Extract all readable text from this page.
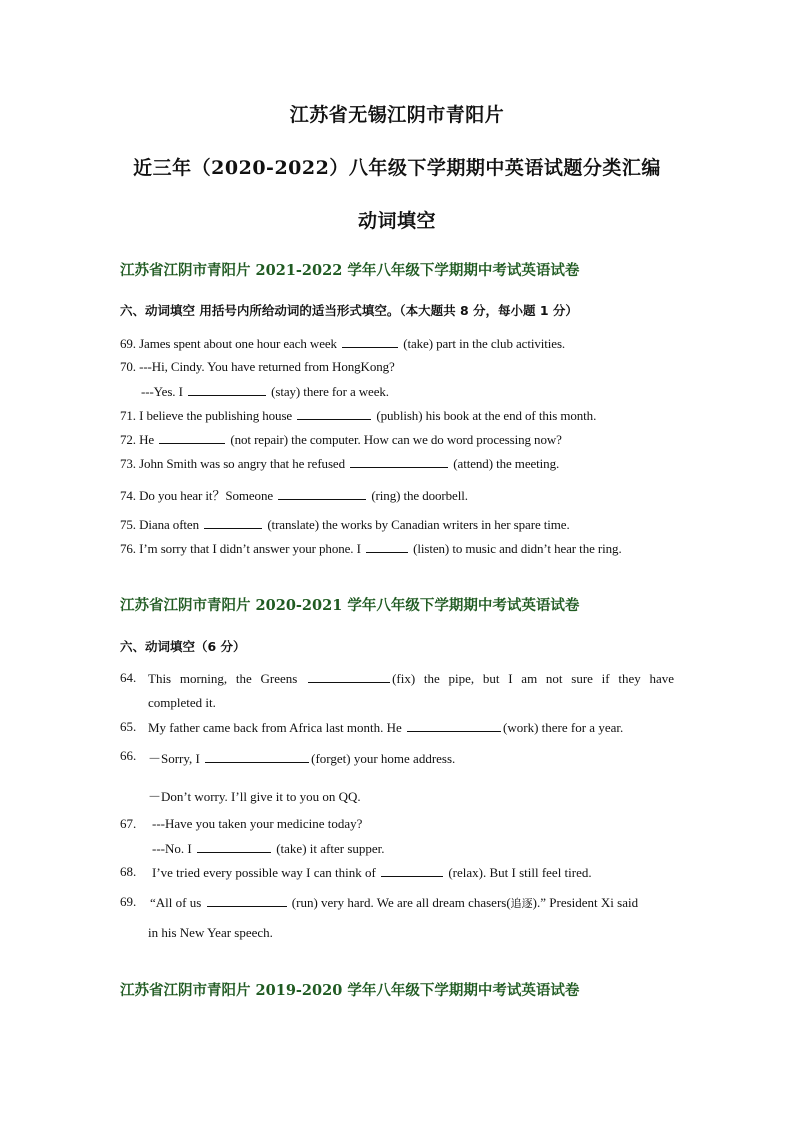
江苏省无锡江阴市青阳片
近三年（2020-2022）八年级下学期期中英语试题分类汇编
动词填空
江苏省江阴市青阳片 2021-2022 学年八年级下学期期中考试英语试卷
六、动词填空 用括号内所给动词的适当形式填空。（本大题共 8 分，每小题 1 分）
69. James spent about one hour each week	(take) part in the club activities.
70. ---Hi, Cindy. You have returned from HongKong?
---Yes. I	(stay) there for a week.
71. I believe the publishing house	(publish) his book at the end of this month.
72. He	(not repair) the computer. How can we do word processing now?
73. John Smith was so angry that he refused	(attend) the meeting.
74. Do you hear it？Someone	(ring) the doorbell.
75. Diana often	(translate) the works by Canadian writers in her spare time.
76. I’m sorry that I didn’t answer your phone. I	(listen) to music and didn’t hear the ring.
江苏省江阴市青阳片 2020-2021 学年八年级下学期期中考试英语试卷
六、动词填空（6 分）
64. This morning, the Greens	(fix) the pipe, but I am not sure if they have
completed it.
65. My father came back from Africa last month. He	(work) there for a year.
66. －Sorry, I	(forget) your home address.
－Don’t worry. I’ll give it to you on QQ.
67. ---Have you taken your medicine today?
---No. I	(take) it after supper.
68. I’ve tried every possible way I can think of	(relax). But I still feel tired.
69. “All of us	(run) very hard. We are all dream chasers(追逐).” President Xi said
in his New Year speech.
江苏省江阴市青阳片 2019-2020 学年八年级下学期期中考试英语试卷
